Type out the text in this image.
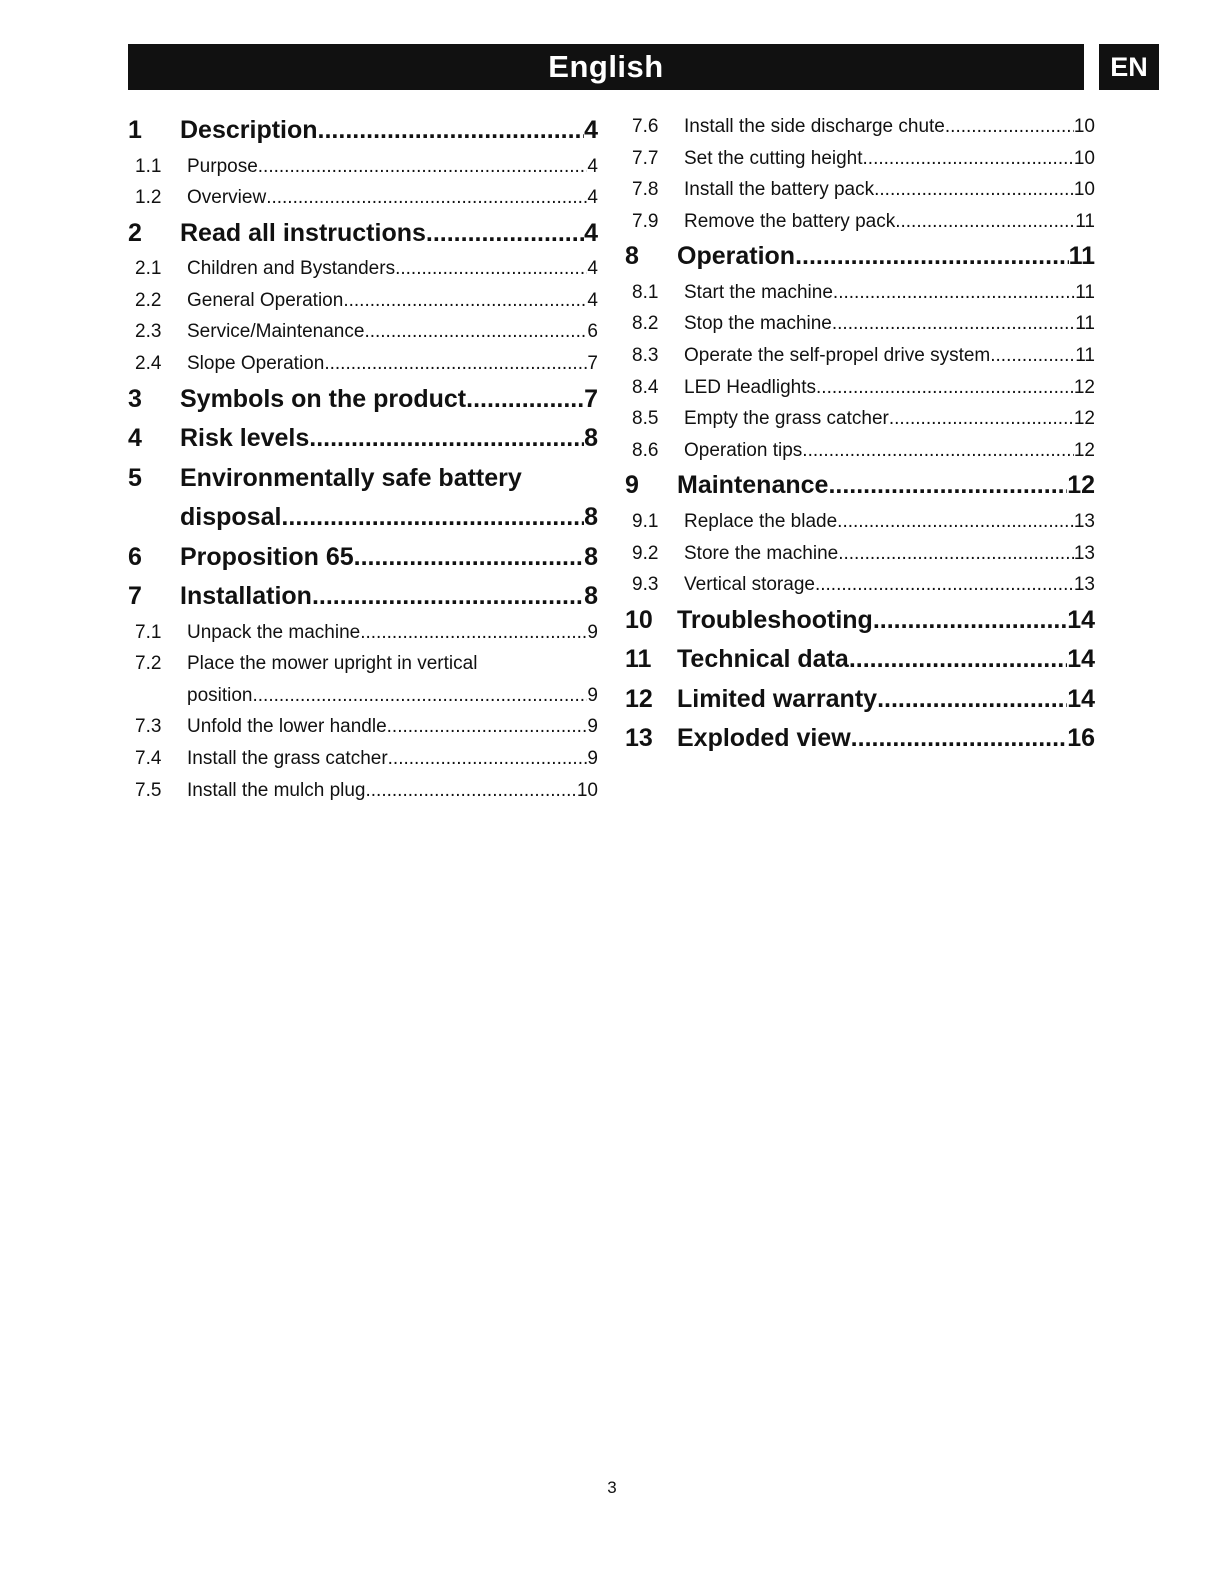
English	EN
1	Description .....	4
1.1	Purpose .....	4
1.2	Overview .....	4
2	Read all instructions .....	4
2.1	Children and Bystanders .....	4
2.2	General Operation .....	4
2.3	Service/Maintenance .....	6
2.4	Slope Operation .....	7
3	Symbols on the product .....	7
4	Risk levels .....	8
5	Environmentally safe battery
disposal .....	8
6	Proposition 65 .....	8
7	Installation .....	8
7.1	Unpack the machine .....	9
7.2	Place the mower upright in vertical
position .....	9
7.3	Unfold the lower handle .....	9
7.4	Install the grass catcher .....	9
7.5	Install the mulch plug .....	10
7.6	Install the side discharge chute .....	10
7.7	Set the cutting height .....	10
7.8	Install the battery pack .....	10
7.9	Remove the battery pack .....	11
8	Operation .....	11
8.1	Start the machine .....	11
8.2	Stop the machine .....	11
8.3	Operate the self-propel drive system .....	11
8.4	LED Headlights .....	12
8.5	Empty the grass catcher .....	12
8.6	Operation tips .....	12
9	Maintenance .....	12
9.1	Replace the blade .....	13
9.2	Store the machine .....	13
9.3	Vertical storage .....	13
10 Troubleshooting .....	14
11	Technical data .....	14
12 Limited warranty .....	14
13 Exploded view .....	16
3
